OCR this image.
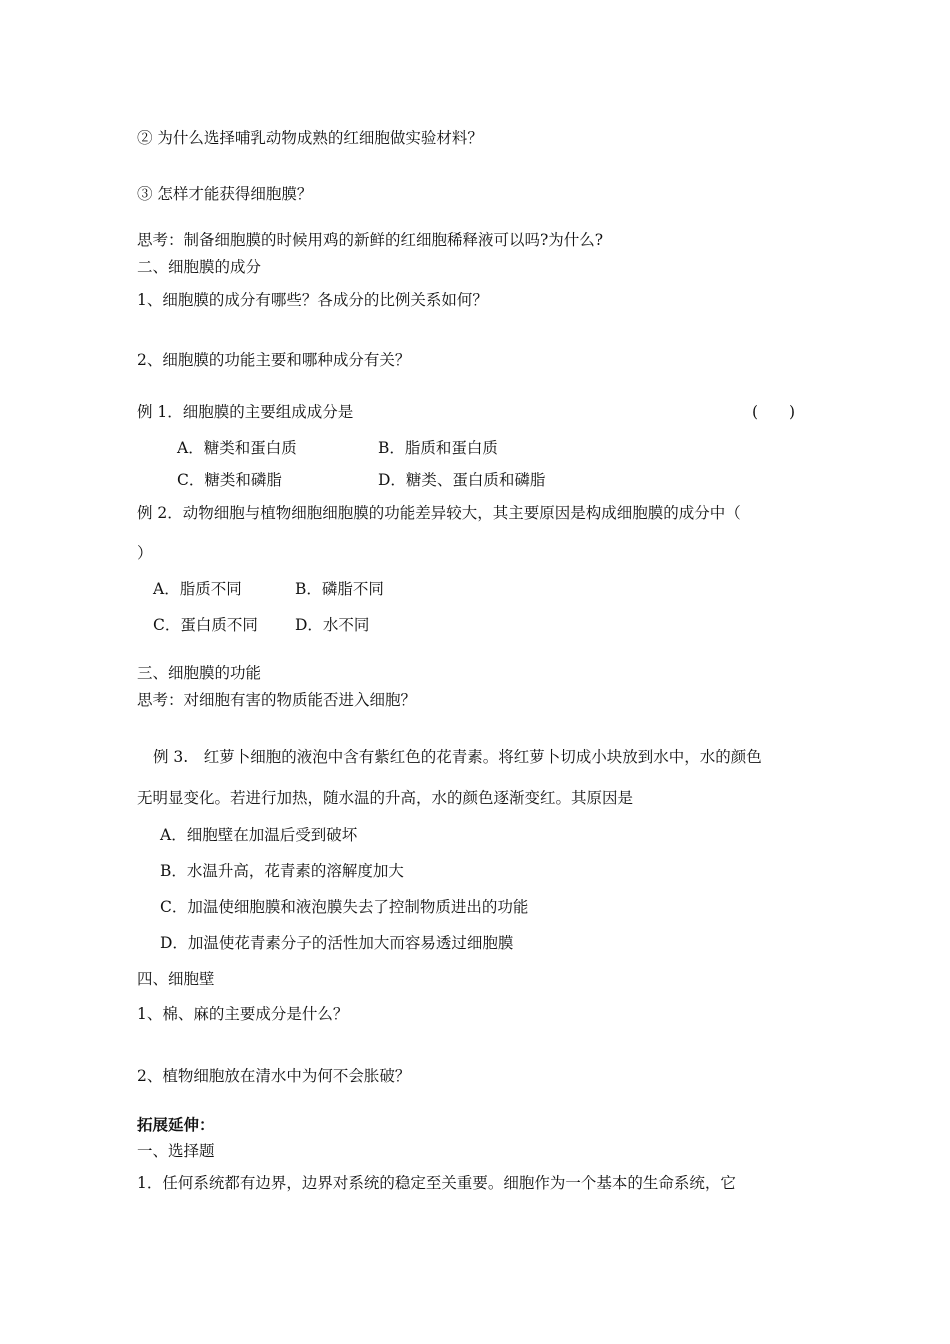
② 为什么选择哺乳动物成熟的红细胞做实验材料？
③ 怎样才能获得细胞膜？
思考：制备细胞膜的时候用鸡的新鲜的红细胞稀释液可以吗?为什么?
二、细胞膜的成分
1、细胞膜的成分有哪些？各成分的比例关系如何？
2、细胞膜的功能主要和哪种成分有关？
例 1．细胞膜的主要组成成分是	(　　)
A．糖类和蛋白质	B．脂质和蛋白质
C．糖类和磷脂	D．糖类、蛋白质和磷脂
例 2．动物细胞与植物细胞细胞膜的功能差异较大，其主要原因是构成细胞膜的成分中（
）
A．脂质不同	B．磷脂不同
C．蛋白质不同 D．水不同
三、细胞膜的功能
思考：对细胞有害的物质能否进入细胞？
例 3.　红萝卜细胞的液泡中含有紫红色的花青素。将红萝卜切成小块放到水中，水的颜色
无明显变化。若进行加热，随水温的升高，水的颜色逐渐变红。其原因是
A．细胞壁在加温后受到破坏
B．水温升高，花青素的溶解度加大
C．加温使细胞膜和液泡膜失去了控制物质进出的功能
D．加温使花青素分子的活性加大而容易透过细胞膜
四、细胞壁
1、棉、麻的主要成分是什么？
2、植物细胞放在清水中为何不会胀破？
拓展延伸：
一、选择题
1．任何系统都有边界，边界对系统的稳定至关重要。细胞作为一个基本的生命系统，它
